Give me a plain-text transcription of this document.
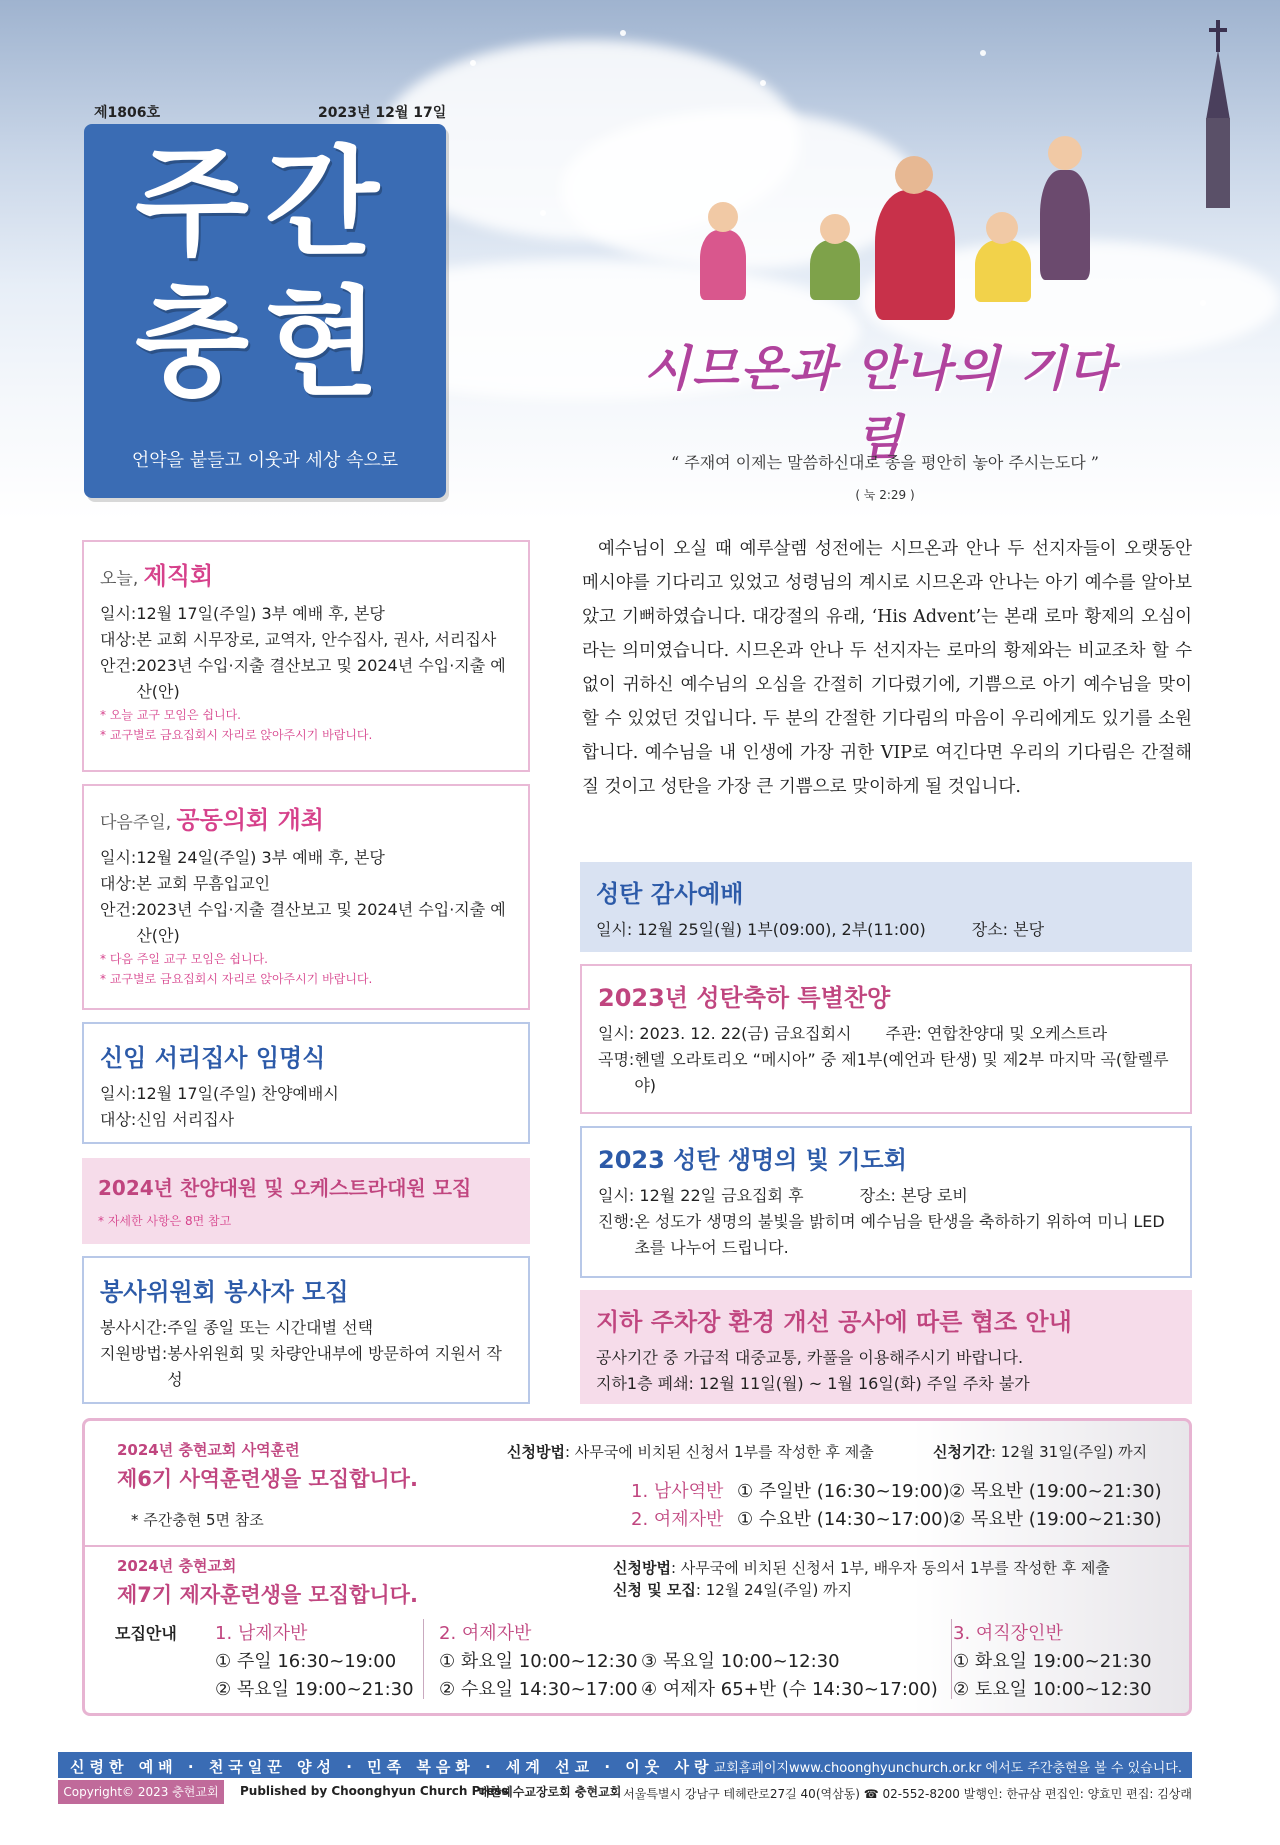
제1806호	2023년 12월 17일
주간
충현
언약을 붙들고 이웃과 세상 속으로
시므온과 안나의 기다림
“ 주재여 이제는 말씀하신대로 종을 평안히 놓아 주시는도다 ”
( 눅 2:29 )
오늘, 제직회
일시: 12월 17일(주일) 3부 예배 후, 본당
대상: 본 교회 시무장로, 교역자, 안수집사, 권사, 서리집사
안건: 2023년 수입·지출 결산보고 및 2024년 수입·지출 예산(안)
* 오늘 교구 모임은 쉽니다.
* 교구별로 금요집회시 자리로 앉아주시기 바랍니다.
다음주일, 공동의회 개최
일시: 12월 24일(주일) 3부 예배 후, 본당
대상: 본 교회 무흠입교인
안건: 2023년 수입·지출 결산보고 및 2024년 수입·지출 예산(안)
* 다음 주일 교구 모임은 쉽니다.
* 교구별로 금요집회시 자리로 앉아주시기 바랍니다.
신임 서리집사 임명식
일시: 12월 17일(주일) 찬양예배시
대상: 신임 서리집사
2024년 찬양대원 및 오케스트라대원 모집
* 자세한 사항은 8면 참고
봉사위원회 봉사자 모집
봉사시간: 주일 종일 또는 시간대별 선택
지원방법: 봉사위원회 및 차량안내부에 방문하여 지원서 작성
예수님이 오실 때 예루살렘 성전에는 시므온과 안나 두 선지자들이 오랫동안 메시야를 기다리고 있었고 성령님의 계시로 시므온과 안나는 아기 예수를 알아보았고 기뻐하였습니다. 대강절의 유래, ‘His Advent’는 본래 로마 황제의 오심이라는 의미였습니다. 시므온과 안나 두 선지자는 로마의 황제와는 비교조차 할 수 없이 귀하신 예수님의 오심을 간절히 기다렸기에, 기쁨으로 아기 예수님을 맞이할 수 있었던 것입니다. 두 분의 간절한 기다림의 마음이 우리에게도 있기를 소원합니다. 예수님을 내 인생에 가장 귀한 VIP로 여긴다면 우리의 기다림은 간절해 질 것이고 성탄을 가장 큰 기쁨으로 맞이하게 될 것입니다.
성탄 감사예배
일시: 12월 25일(월) 1부(09:00), 2부(11:00)	장소: 본당
2023년 성탄축하 특별찬양
일시: 2023. 12. 22(금) 금요집회시 주관: 연합찬양대 및 오케스트라
곡명: 헨델 오라토리오 “메시아” 중 제1부(예언과 탄생) 및 제2부 마지막 곡(할렐루야)
2023 성탄 생명의 빛 기도회
일시: 12월 22일 금요집회 후	장소: 본당 로비
진행: 온 성도가 생명의 불빛을 밝히며 예수님을 탄생을 축하하기 위하여 미니 LED초를 나누어 드립니다.
지하 주차장 환경 개선 공사에 따른 협조 안내
공사기간 중 가급적 대중교통, 카풀을 이용해주시기 바랍니다.
지하1층 폐쇄: 12월 11일(월) ~ 1월 16일(화) 주일 주차 불가
2024년 충현교회 사역훈련
제6기 사역훈련생을 모집합니다.
* 주간충현 5면 참조
신청방법: 사무국에 비치된 신청서 1부를 작성한 후 제출	신청기간: 12월 31일(주일) 까지
1. 남사역반 ① 주일반 (16:30~19:00) ② 목요반 (19:00~21:30)
2. 여제자반 ① 수요반 (14:30~17:00) ② 목요반 (19:00~21:30)
2024년 충현교회
제7기 제자훈련생을 모집합니다.
신청방법: 사무국에 비치된 신청서 1부, 배우자 동의서 1부를 작성한 후 제출
신청 및 모집: 12월 24일(주일) 까지
모집안내 1. 남제자반
① 주일 16:30~19:00
② 목요일 19:00~21:30
2. 여제자반
① 화요일 10:00~12:30
② 수요일 14:30~17:00
③ 목요일 10:00~12:30
④ 여제자 65+반 (수 14:30~17:00)
3. 여직장인반
① 화요일 19:00~21:30
② 토요일 10:00~12:30
신령한 예배 · 천국일꾼 양성 · 민족 복음화 · 세계 선교 · 이웃 사랑 교회홈페이지www.choonghyunchurch.or.kr 에서도 주간충현을 볼 수 있습니다.
Copyright© 2023 충현교회	Published by Choonghyun Church Press
대한예수교장로회 충현교회 서울특별시 강남구 테헤란로27길 40(역삼동) ☎ 02-552-8200 발행인: 한규삼 편집인: 양효민 편집: 김상래
